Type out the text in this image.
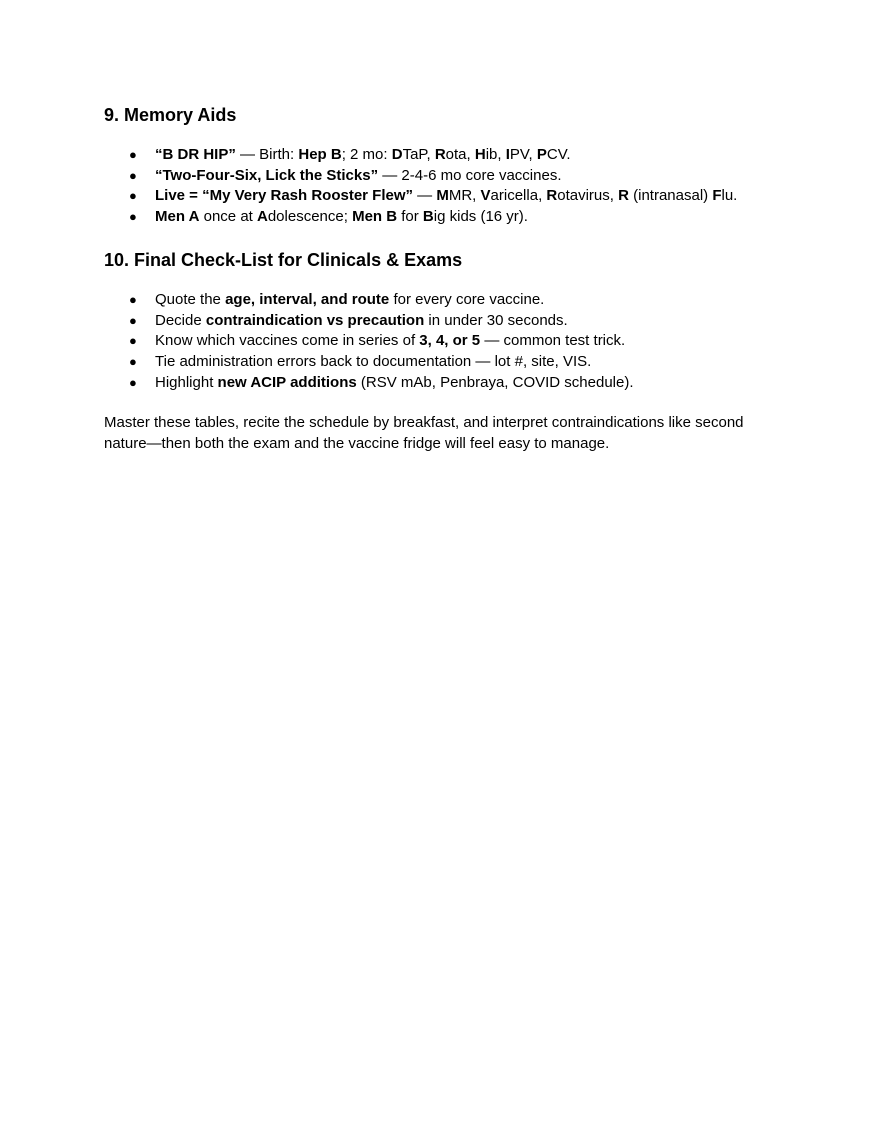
9. Memory Aids
● “B DR HIP” — Birth: Hep B; 2 mo: DTaP, Rota, Hib, IPV, PCV.
● “Two-Four-Six, Lick the Sticks” — 2-4-6 mo core vaccines.
● Live = “My Very Rash Rooster Flew” — MMR, Varicella, Rotavirus, R (intranasal) Flu.
● Men A once at Adolescence; Men B for Big kids (16 yr).
10. Final Check-List for Clinicals & Exams
● Quote the age, interval, and route for every core vaccine.
● Decide contraindication vs precaution in under 30 seconds.
● Know which vaccines come in series of 3, 4, or 5 — common test trick.
● Tie administration errors back to documentation — lot #, site, VIS.
● Highlight new ACIP additions (RSV mAb, Penbraya, COVID schedule).

Master these tables, recite the schedule by breakfast, and interpret contraindications like second nature—then both the exam and the vaccine fridge will feel easy to manage.
